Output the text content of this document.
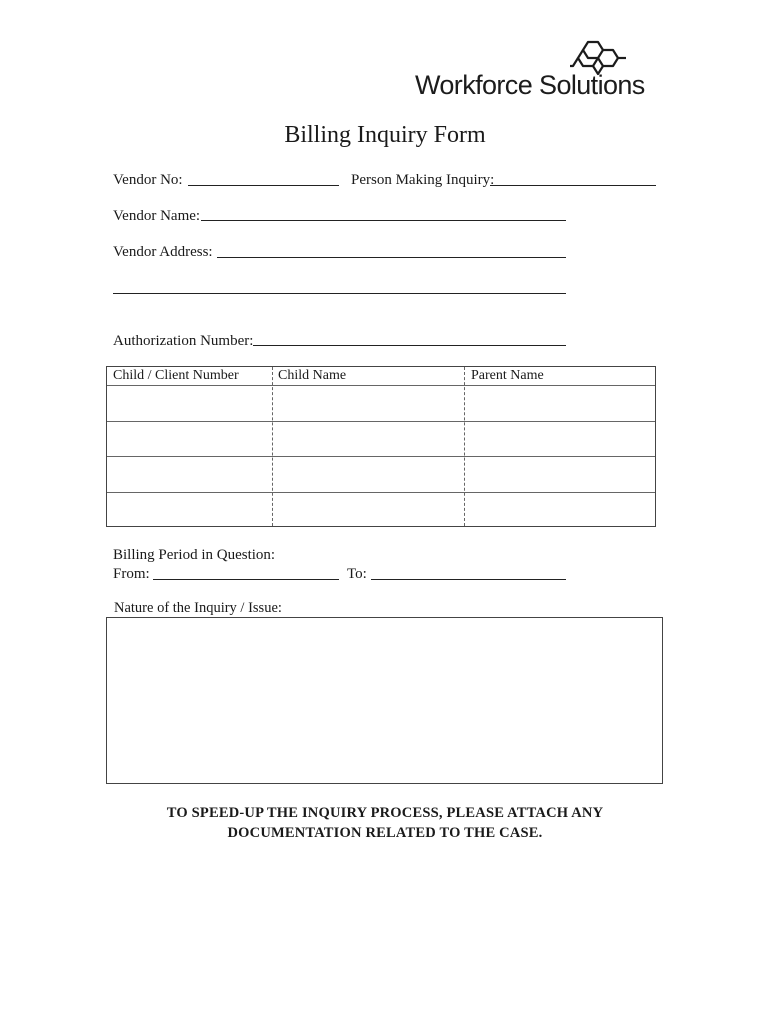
Workforce Solutions
Billing Inquiry Form
Vendor No:	Person Making Inquiry:
Vendor Name:
Vendor Address:
Authorization Number:
Child / Client Number	Child Name	Parent Name
Billing Period in Question:
From:	To:
Nature of the Inquiry / Issue:
TO SPEED-UP THE INQUIRY PROCESS, PLEASE ATTACH ANY
DOCUMENTATION RELATED TO THE CASE.
